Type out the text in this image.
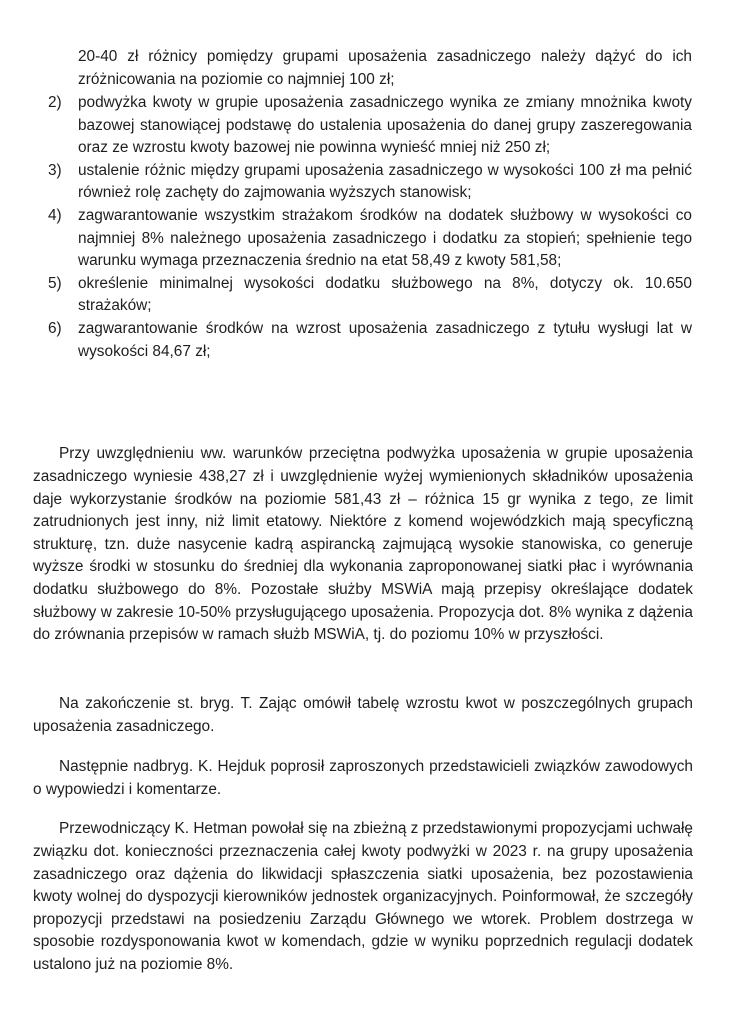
20-40 zł różnicy pomiędzy grupami uposażenia zasadniczego należy dążyć do ich zróżnicowania na poziomie co najmniej 100 zł;
2) podwyżka kwoty w grupie uposażenia zasadniczego wynika ze zmiany mnożnika kwoty bazowej stanowiącej podstawę do ustalenia uposażenia do danej grupy zaszeregowania oraz ze wzrostu kwoty bazowej nie powinna wynieść mniej niż 250 zł;
3) ustalenie różnic między grupami uposażenia zasadniczego w wysokości 100 zł ma pełnić również rolę zachęty do zajmowania wyższych stanowisk;
4) zagwarantowanie wszystkim strażakom środków na dodatek służbowy w wysokości co najmniej 8% należnego uposażenia zasadniczego i dodatku za stopień; spełnienie tego warunku wymaga przeznaczenia średnio na etat 58,49 z kwoty 581,58;
5) określenie minimalnej wysokości dodatku służbowego na 8%, dotyczy ok. 10.650 strażaków;
6) zagwarantowanie środków na wzrost uposażenia zasadniczego z tytułu wysługi lat w wysokości 84,67 zł;

Przy uwzględnieniu ww. warunków przeciętna podwyżka uposażenia w grupie uposażenia zasadniczego wyniesie 438,27 zł i uwzględnienie wyżej wymienionych składników uposażenia daje wykorzystanie środków na poziomie 581,43 zł – różnica 15 gr wynika z tego, ze limit zatrudnionych jest inny, niż limit etatowy. Niektóre z komend wojewódzkich mają specyficzną strukturę, tzn. duże nasycenie kadrą aspirancką zajmującą wysokie stanowiska, co generuje wyższe środki w stosunku do średniej dla wykonania zaproponowanej siatki płac i wyrównania dodatku służbowego do 8%. Pozostałe służby MSWiA mają przepisy określające dodatek służbowy w zakresie 10-50% przysługującego uposażenia. Propozycja dot. 8% wynika z dążenia do zrównania przepisów w ramach służb MSWiA, tj. do poziomu 10% w przyszłości.

Na zakończenie st. bryg. T. Zając omówił tabelę wzrostu kwot w poszczególnych grupach uposażenia zasadniczego.

Następnie nadbryg. K. Hejduk poprosił zaproszonych przedstawicieli związków zawodowych o wypowiedzi i komentarze.

Przewodniczący K. Hetman powołał się na zbieżną z przedstawionymi propozycjami uchwałę związku dot. konieczności przeznaczenia całej kwoty podwyżki w 2023 r. na grupy uposażenia zasadniczego oraz dążenia do likwidacji spłaszczenia siatki uposażenia, bez pozostawienia kwoty wolnej do dyspozycji kierowników jednostek organizacyjnych. Poinformował, że szczegóły propozycji przedstawi na posiedzeniu Zarządu Głównego we wtorek. Problem dostrzega w sposobie rozdysponowania kwot w komendach, gdzie w wyniku poprzednich regulacji dodatek ustalono już na poziomie 8%.
